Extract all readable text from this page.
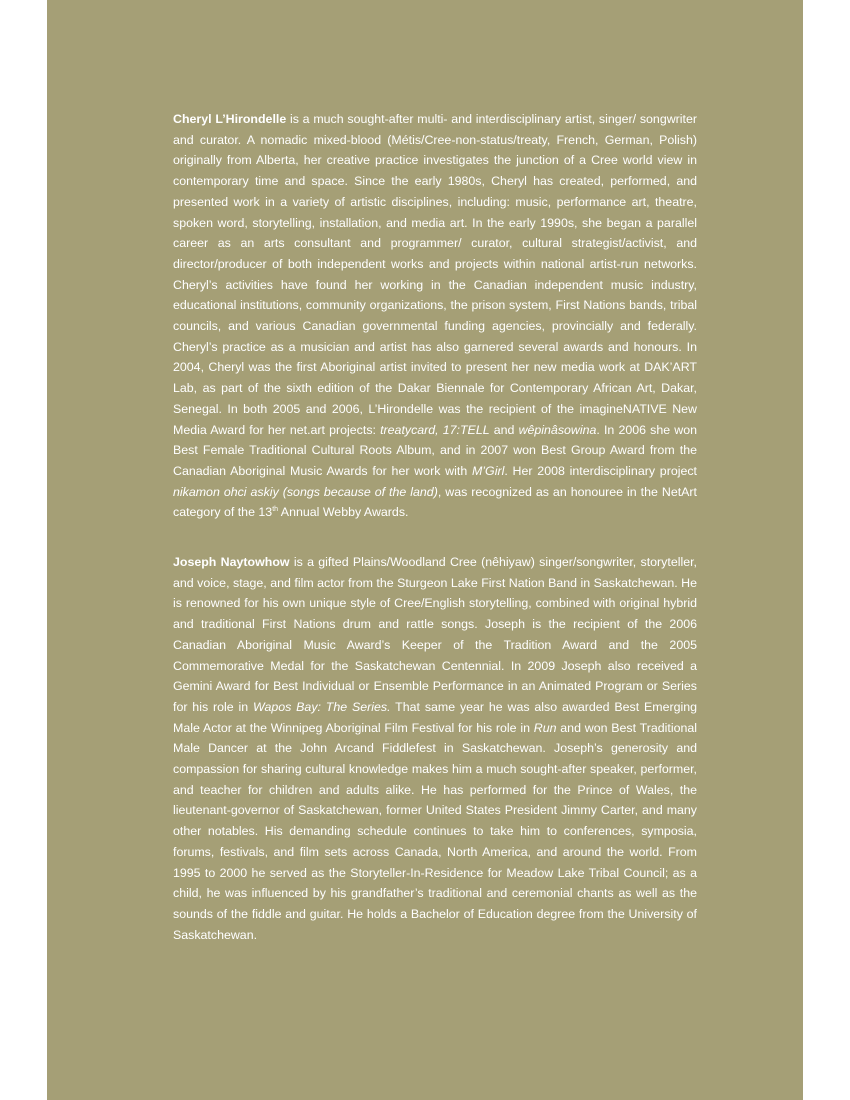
Cheryl L’Hirondelle is a much sought-after multi- and interdisciplinary artist, singer/ songwriter and curator. A nomadic mixed-blood (Métis/Cree-non-status/treaty, French, German, Polish) originally from Alberta, her creative practice investigates the junction of a Cree world view in contemporary time and space. Since the early 1980s, Cheryl has created, performed, and presented work in a variety of artistic disciplines, including: music, performance art, theatre, spoken word, storytelling, installation, and media art. In the early 1990s, she began a parallel career as an arts consultant and programmer/ curator, cultural strategist/activist, and director/producer of both independent works and projects within national artist-run networks. Cheryl’s activities have found her working in the Canadian independent music industry, educational institutions, community organizations, the prison system, First Nations bands, tribal councils, and various Canadian governmental funding agencies, provincially and federally. Cheryl’s practice as a musician and artist has also garnered several awards and honours. In 2004, Cheryl was the first Aboriginal artist invited to present her new media work at DAK’ART Lab, as part of the sixth edition of the Dakar Biennale for Contemporary African Art, Dakar, Senegal. In both 2005 and 2006, L’Hirondelle was the recipient of the imagineNATIVE New Media Award for her net.art projects: treatycard, 17:TELL and wêpinâsowina. In 2006 she won Best Female Traditional Cultural Roots Album, and in 2007 won Best Group Award from the Canadian Aboriginal Music Awards for her work with M’Girl. Her 2008 interdisciplinary project nikamon ohci askiy (songs because of the land), was recognized as an honouree in the NetArt category of the 13th Annual Webby Awards.

Joseph Naytowhow is a gifted Plains/Woodland Cree (nêhiyaw) singer/songwriter, storyteller, and voice, stage, and film actor from the Sturgeon Lake First Nation Band in Saskatchewan. He is renowned for his own unique style of Cree/English storytelling, combined with original hybrid and traditional First Nations drum and rattle songs. Joseph is the recipient of the 2006 Canadian Aboriginal Music Award’s Keeper of the Tradition Award and the 2005 Commemorative Medal for the Saskatchewan Centennial. In 2009 Joseph also received a Gemini Award for Best Individual or Ensemble Performance in an Animated Program or Series for his role in Wapos Bay: The Series. That same year he was also awarded Best Emerging Male Actor at the Winnipeg Aboriginal Film Festival for his role in Run and won Best Traditional Male Dancer at the John Arcand Fiddlefest in Saskatchewan. Joseph’s generosity and compassion for sharing cultural knowledge makes him a much sought-after speaker, performer, and teacher for children and adults alike. He has performed for the Prince of Wales, the lieutenant-governor of Saskatchewan, former United States President Jimmy Carter, and many other notables. His demanding schedule continues to take him to conferences, symposia, forums, festivals, and film sets across Canada, North America, and around the world. From 1995 to 2000 he served as the Storyteller-In-Residence for Meadow Lake Tribal Council; as a child, he was influenced by his grandfather’s traditional and ceremonial chants as well as the sounds of the fiddle and guitar. He holds a Bachelor of Education degree from the University of Saskatchewan.
